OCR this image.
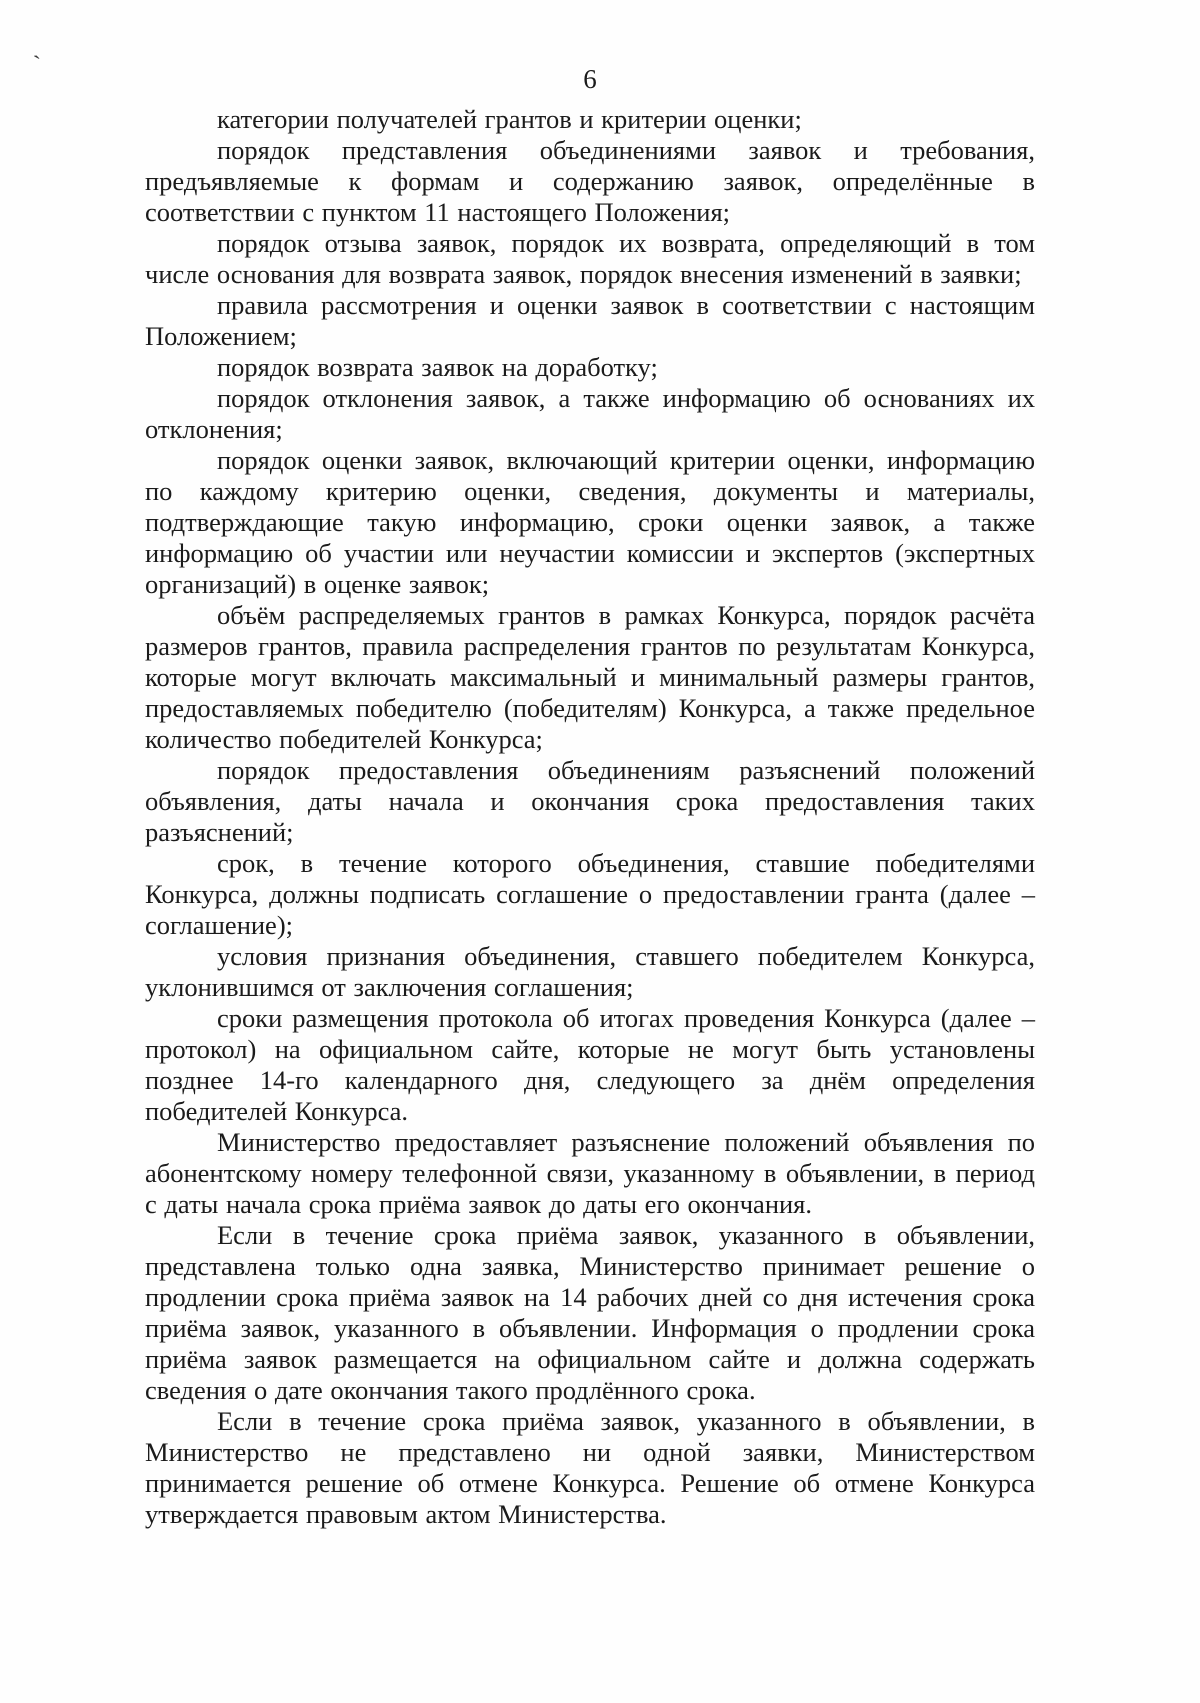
`	6

категории получателей грантов и критерии оценки;

порядок представления объединениями заявок и требования, предъявляемые к формам и содержанию заявок, определённые в соответствии с пунктом 11 настоящего Положения;

порядок отзыва заявок, порядок их возврата, определяющий в том числе основания для возврата заявок, порядок внесения изменений в заявки;

правила рассмотрения и оценки заявок в соответствии с настоящим Положением;

порядок возврата заявок на доработку;

порядок отклонения заявок, а также информацию об основаниях их отклонения;

порядок оценки заявок, включающий критерии оценки, информацию по каждому критерию оценки, сведения, документы и материалы, подтверждающие такую информацию, сроки оценки заявок, а также информацию об участии или неучастии комиссии и экспертов (экспертных организаций) в оценке заявок;

объём распределяемых грантов в рамках Конкурса, порядок расчёта размеров грантов, правила распределения грантов по результатам Конкурса, которые могут включать максимальный и минимальный размеры грантов, предоставляемых победителю (победителям) Конкурса, а также предельное количество победителей Конкурса;

порядок предоставления объединениям разъяснений положений объявления, даты начала и окончания срока предоставления таких разъяснений;

срок, в течение которого объединения, ставшие победителями Конкурса, должны подписать соглашение о предоставлении гранта (далее – соглашение);

условия признания объединения, ставшего победителем Конкурса, уклонившимся от заключения соглашения;

сроки размещения протокола об итогах проведения Конкурса (далее – протокол) на официальном сайте, которые не могут быть установлены позднее 14-го календарного дня, следующего за днём определения победителей Конкурса.

Министерство предоставляет разъяснение положений объявления по абонентскому номеру телефонной связи, указанному в объявлении, в период с даты начала срока приёма заявок до даты его окончания.

Если в течение срока приёма заявок, указанного в объявлении, представлена только одна заявка, Министерство принимает решение о продлении срока приёма заявок на 14 рабочих дней со дня истечения срока приёма заявок, указанного в объявлении. Информация о продлении срока приёма заявок размещается на официальном сайте и должна содержать сведения о дате окончания такого продлённого срока.

Если в течение срока приёма заявок, указанного в объявлении, в Министерство не представлено ни одной заявки, Министерством принимается решение об отмене Конкурса. Решение об отмене Конкурса утверждается правовым актом Министерства.
